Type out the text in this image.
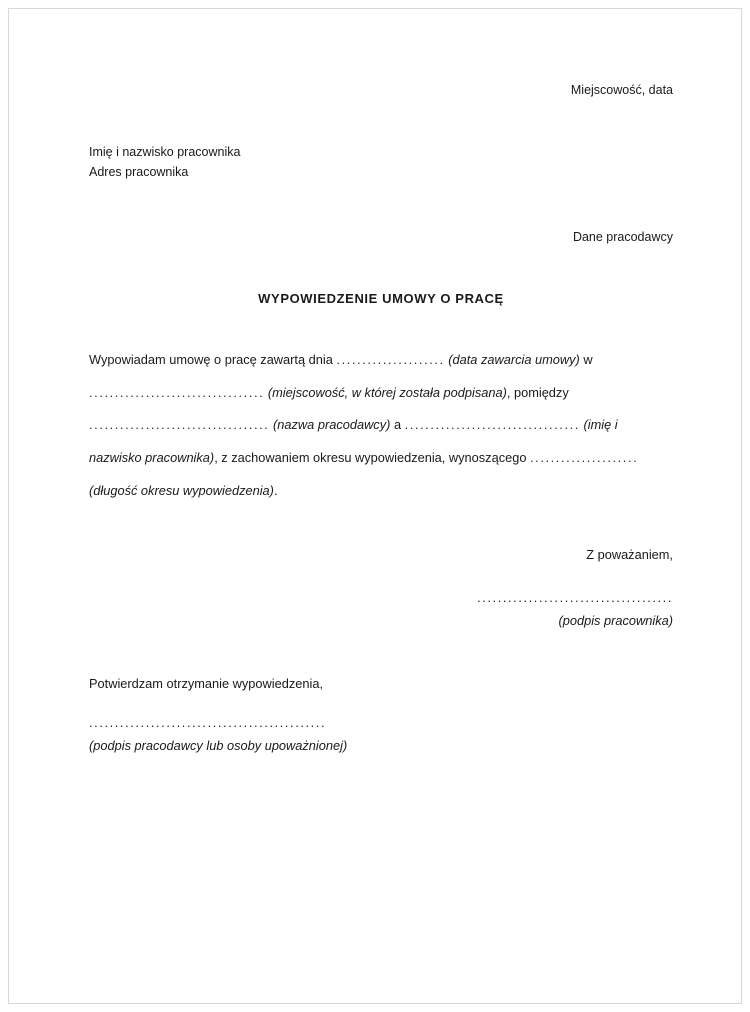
Miejscowość, data
Imię i nazwisko pracownika
Adres pracownika
Dane pracodawcy
WYPOWIEDZENIE UMOWY O PRACĘ
Wypowiadam umowę o pracę zawartą dnia ..................... (data zawarcia umowy) w .................................. (miejscowość, w której została podpisana), pomiędzy ................................... (nazwa pracodawcy) a .................................. (imię i nazwisko pracownika), z zachowaniem okresu wypowiedzenia, wynoszącego ..................... (długość okresu wypowiedzenia).
Z poważaniem,
......................................
(podpis pracownika)
Potwierdzam otrzymanie wypowiedzenia,
..............................................
(podpis pracodawcy lub osoby upoważnionej)
